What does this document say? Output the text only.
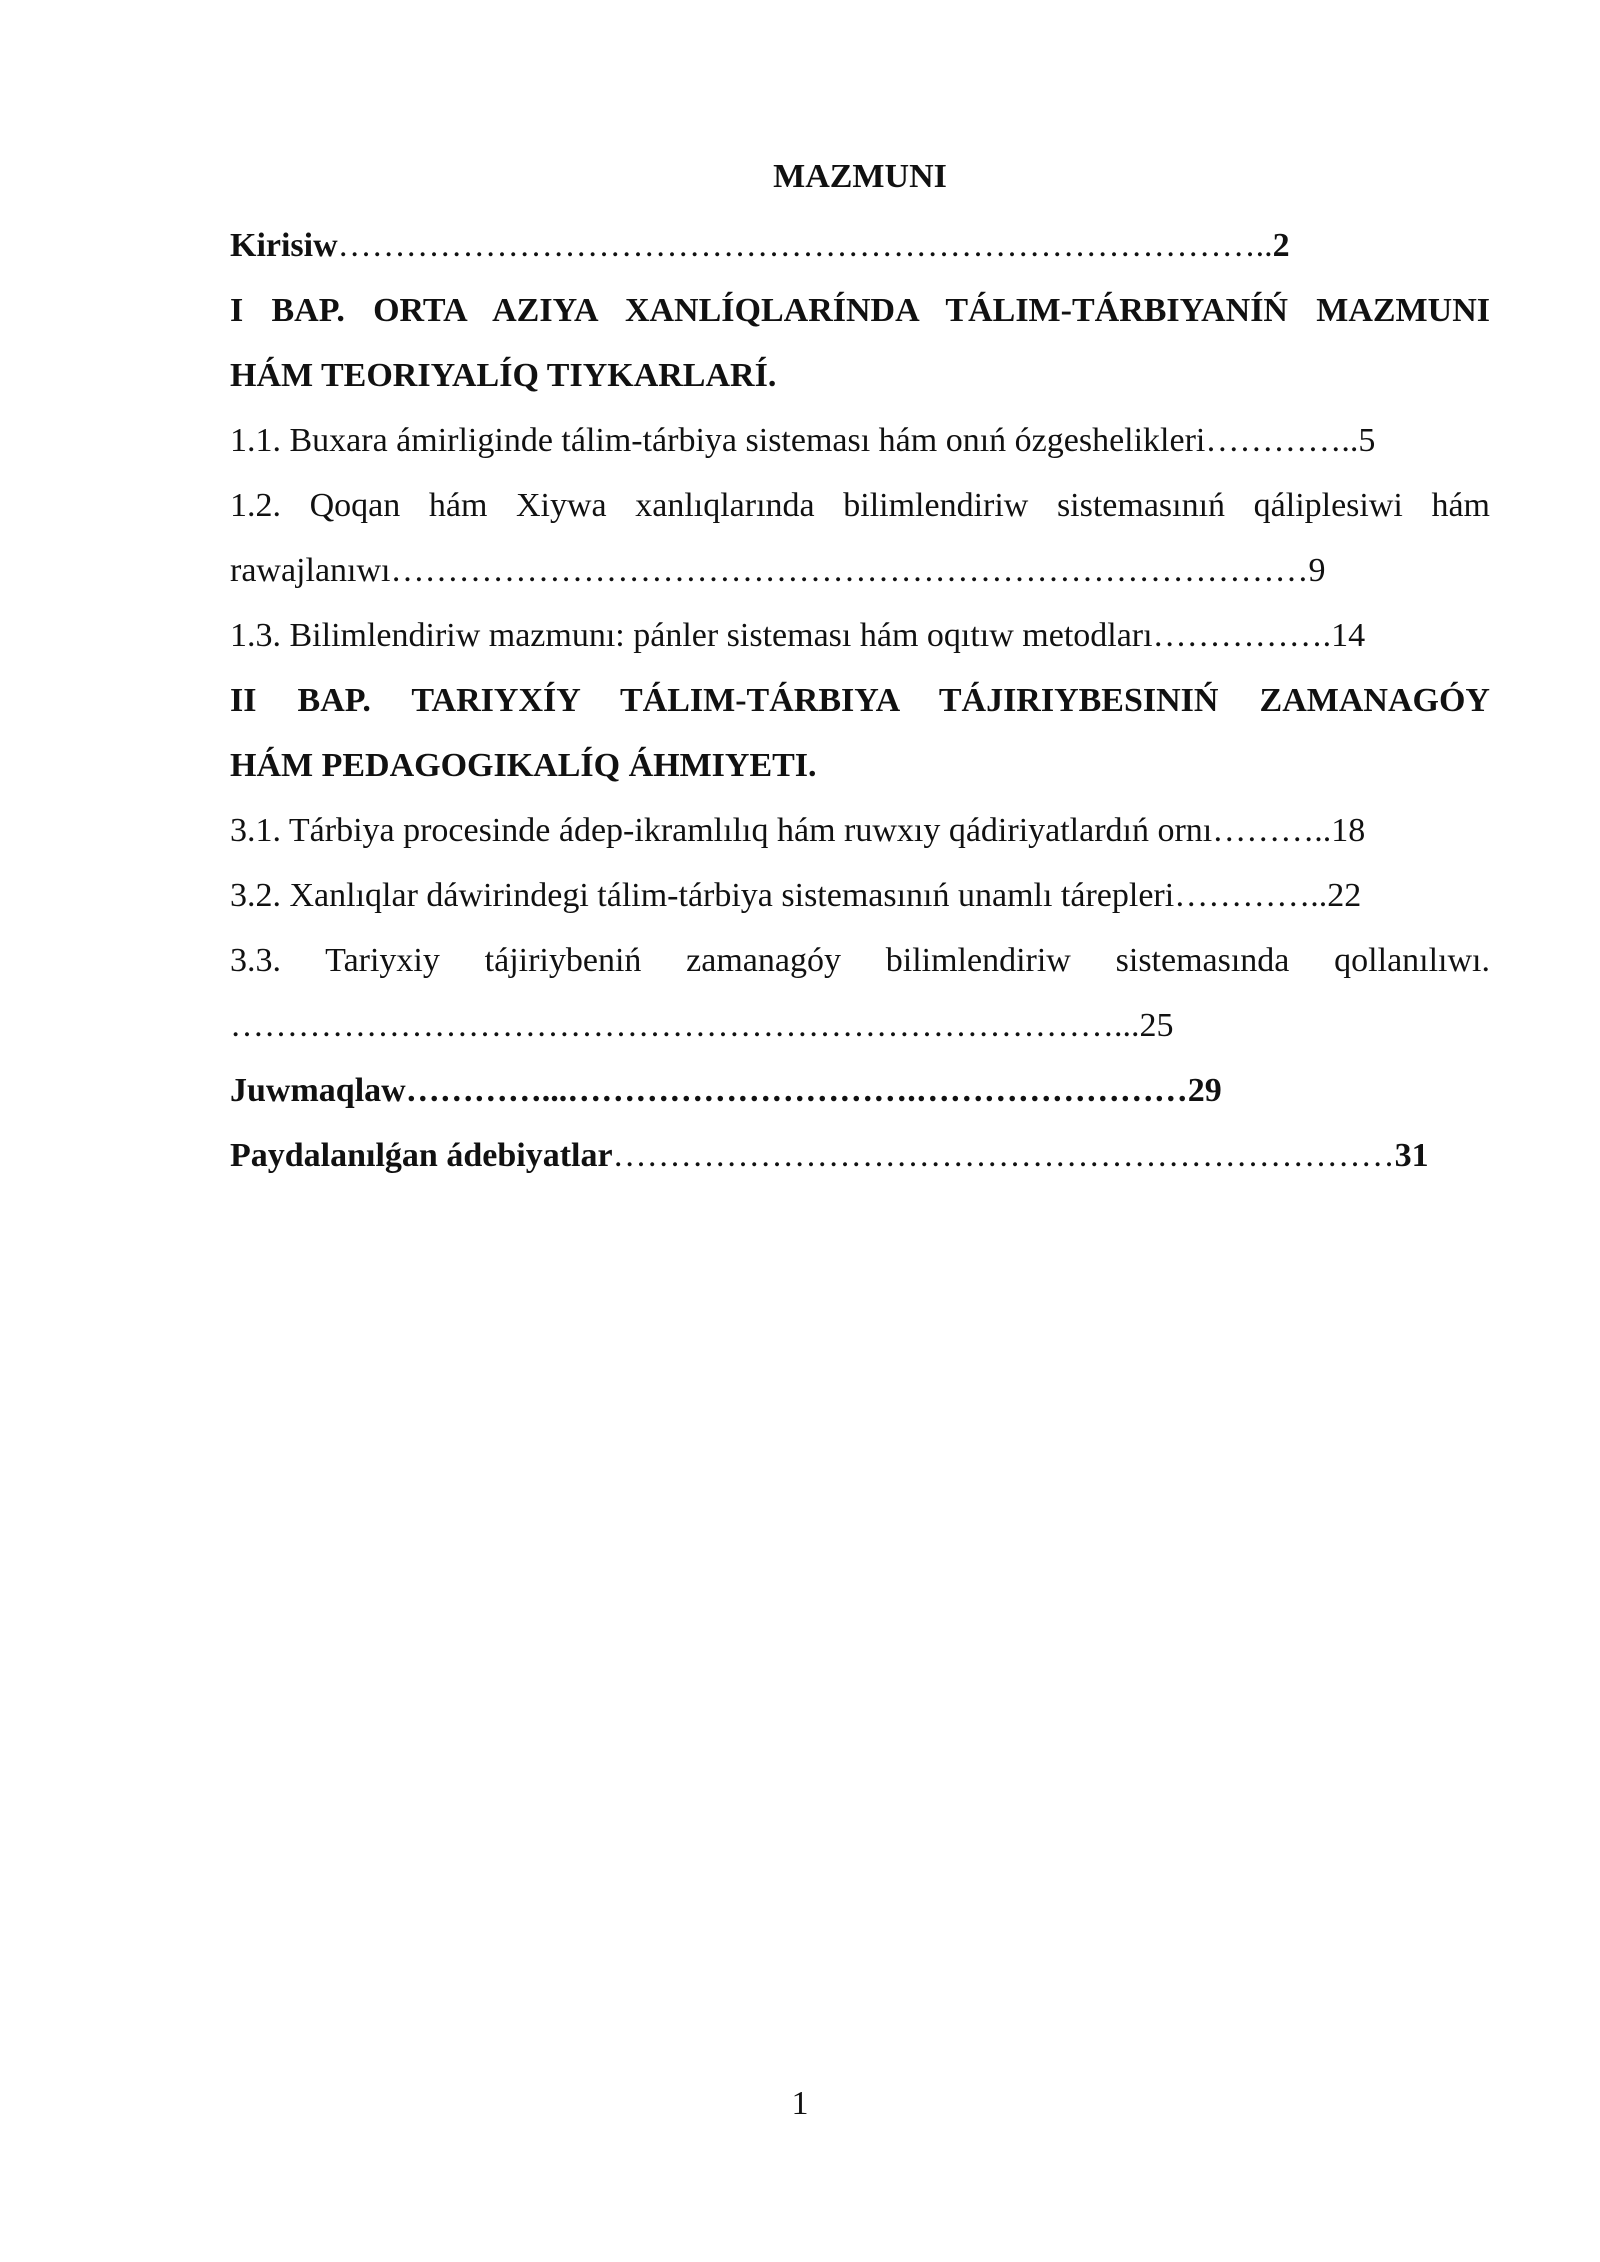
MAZMUNI
Kirisiw………………………………………………………………………..2
I BAP. ORTA AZIYA XANLÍQLARÍNDA TÁLIM-TÁRBIYANÍŃ MAZMUNI
HÁM TEORIYALÍQ TIYKARLARÍ.
1.1. Buxara ámirliginde tálim-tárbiya sisteması hám onıń ózgeshelikleri…………..5
1.2. Qoqan hám Xiywa xanlıqlarında bilimlendiriw sistemasınıń qáliplesiwi hám
rawajlanıwı………………………………………………………………………9
1.3. Bilimlendiriw mazmunı: pánler sisteması hám oqıtıw metodları…………….14
II BAP. TARIYXÍY TÁLIM-TÁRBIYA TÁJIRIYBESINIŃ ZAMANAGÓY
HÁM PEDAGOGIKALÍQ ÁHMIYETI.
3.1. Tárbiya procesinde ádep-ikramlılıq hám ruwxıy qádiriyatlardıń ornı………..18
3.2. Xanlıqlar dáwirindegi tálim-tárbiya sistemasınıń unamlı tárepleri…………..22
3.3. Tariyxiy tájiriybeniń zamanagóy bilimlendiriw sistemasında qollanılıwı.
……………………………………………………………………...25
Juwmaqlaw…………...………………………….……………………29
Paydalanılǵan ádebiyatlar……………………………………………………………31
1
